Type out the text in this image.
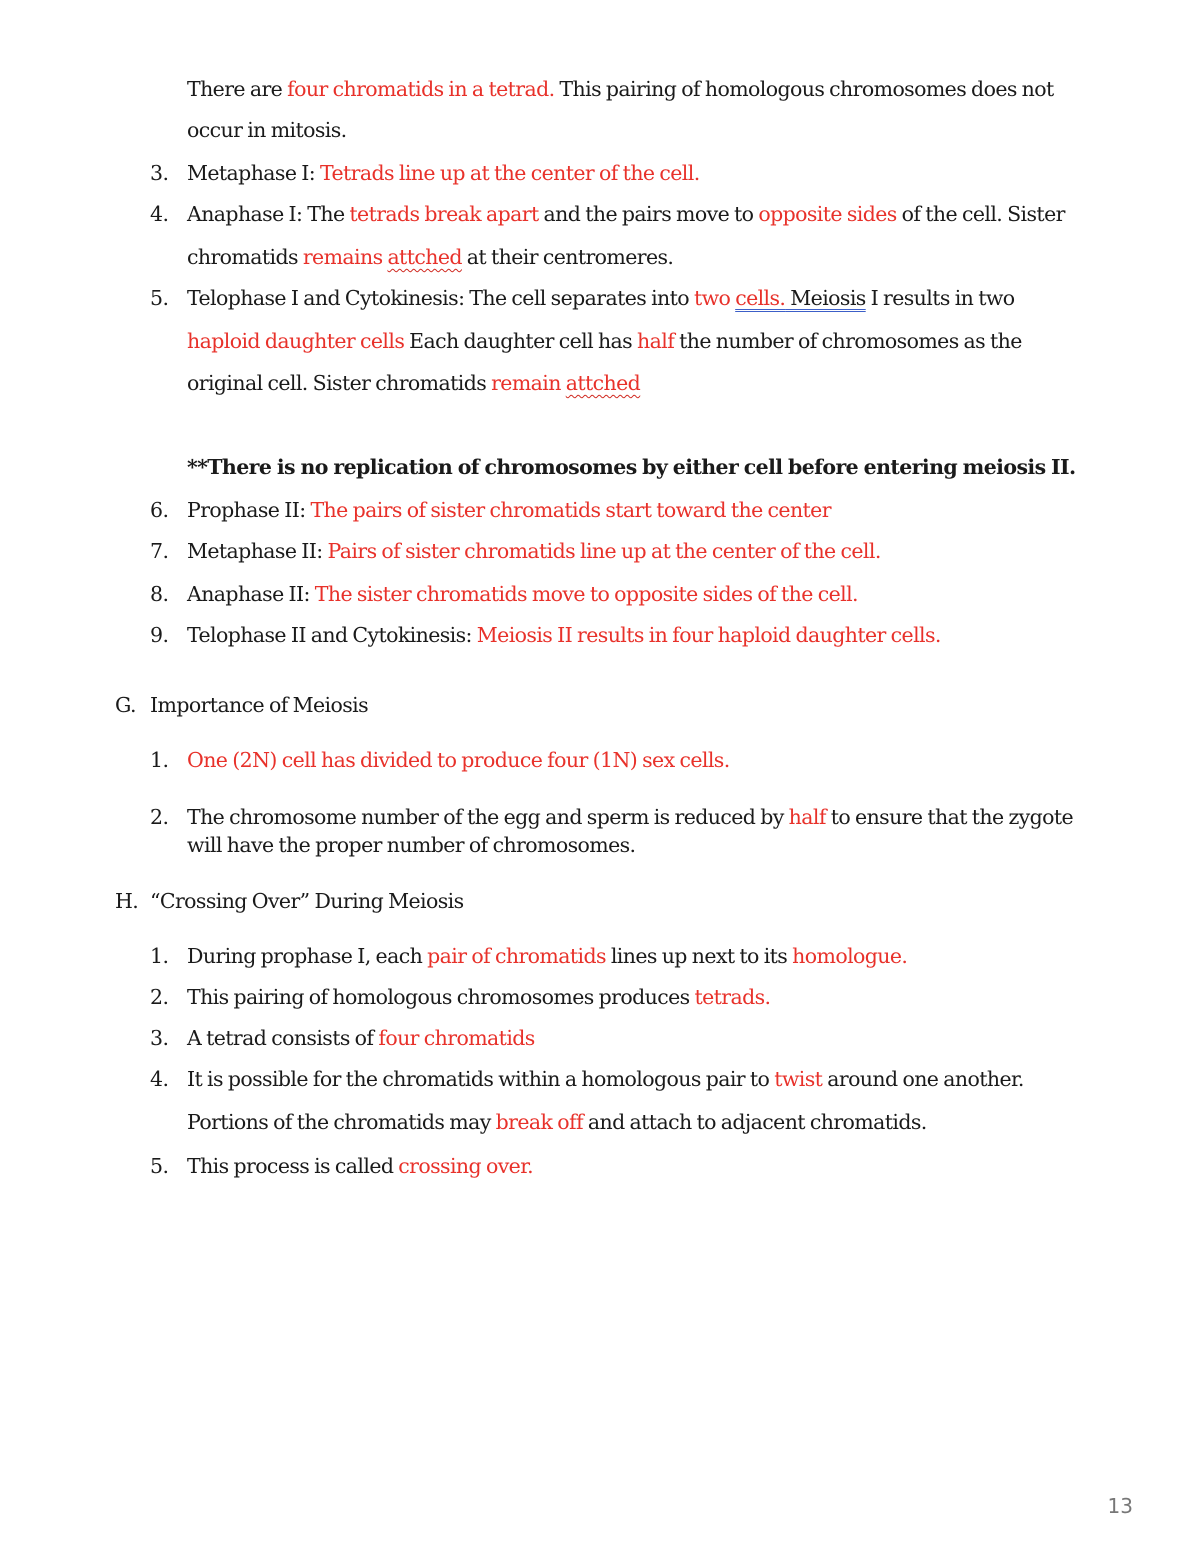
There are four chromatids in a tetrad. This pairing of homologous chromosomes does not
occur in mitosis.
3. Metaphase I: Tetrads line up at the center of the cell.
4. Anaphase I: The tetrads break apart and the pairs move to opposite sides of the cell. Sister
chromatids remains attched at their centromeres.
5. Telophase I and Cytokinesis: The cell separates into two cells. Meiosis I results in two
haploid daughter cells Each daughter cell has half the number of chromosomes as the
original cell. Sister chromatids remain attched
**There is no replication of chromosomes by either cell before entering meiosis II.
6. Prophase II: The pairs of sister chromatids start toward the center
7. Metaphase II: Pairs of sister chromatids line up at the center of the cell.
8. Anaphase II: The sister chromatids move to opposite sides of the cell.
9. Telophase II and Cytokinesis: Meiosis II results in four haploid daughter cells.
G. Importance of Meiosis
1. One (2N) cell has divided to produce four (1N) sex cells.
2. The chromosome number of the egg and sperm is reduced by half to ensure that the zygote
will have the proper number of chromosomes.
H. “Crossing Over” During Meiosis
1. During prophase I, each pair of chromatids lines up next to its homologue.
2. This pairing of homologous chromosomes produces tetrads.
3. A tetrad consists of four chromatids
4. It is possible for the chromatids within a homologous pair to twist around one another.
Portions of the chromatids may break off and attach to adjacent chromatids.
5. This process is called crossing over.
13
